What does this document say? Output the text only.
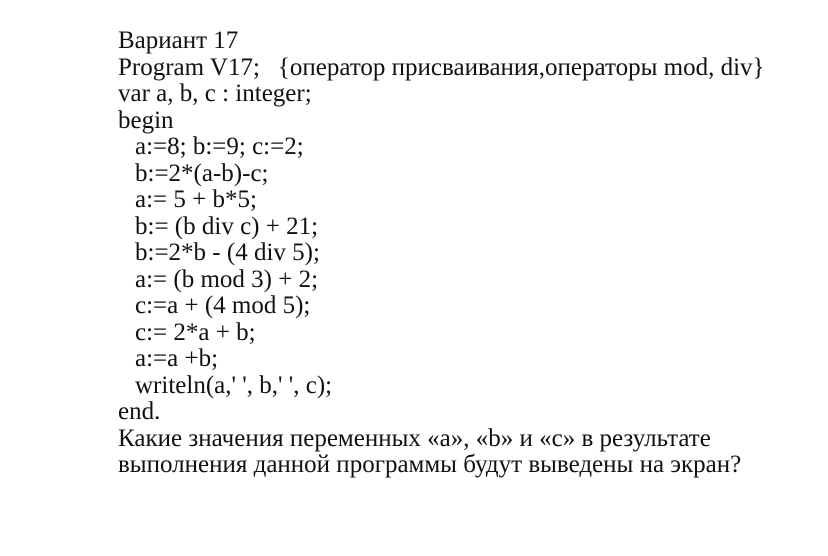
Вариант 17
Program V17; {оператор присваивания,операторы mod, div}
var a, b, c : integer;
begin
a:=8; b:=9; c:=2;
b:=2*(a-b)-c;
a:= 5 + b*5;
b:= (b div c) + 21;
b:=2*b - (4 div 5);
a:= (b mod 3) + 2;
c:=a + (4 mod 5);
c:= 2*a + b;
a:=a +b;
writeln(a,' ', b,' ', c);
end.
Какие значения переменных «a», «b» и «c» в результате
выполнения данной программы будут выведены на экран?
